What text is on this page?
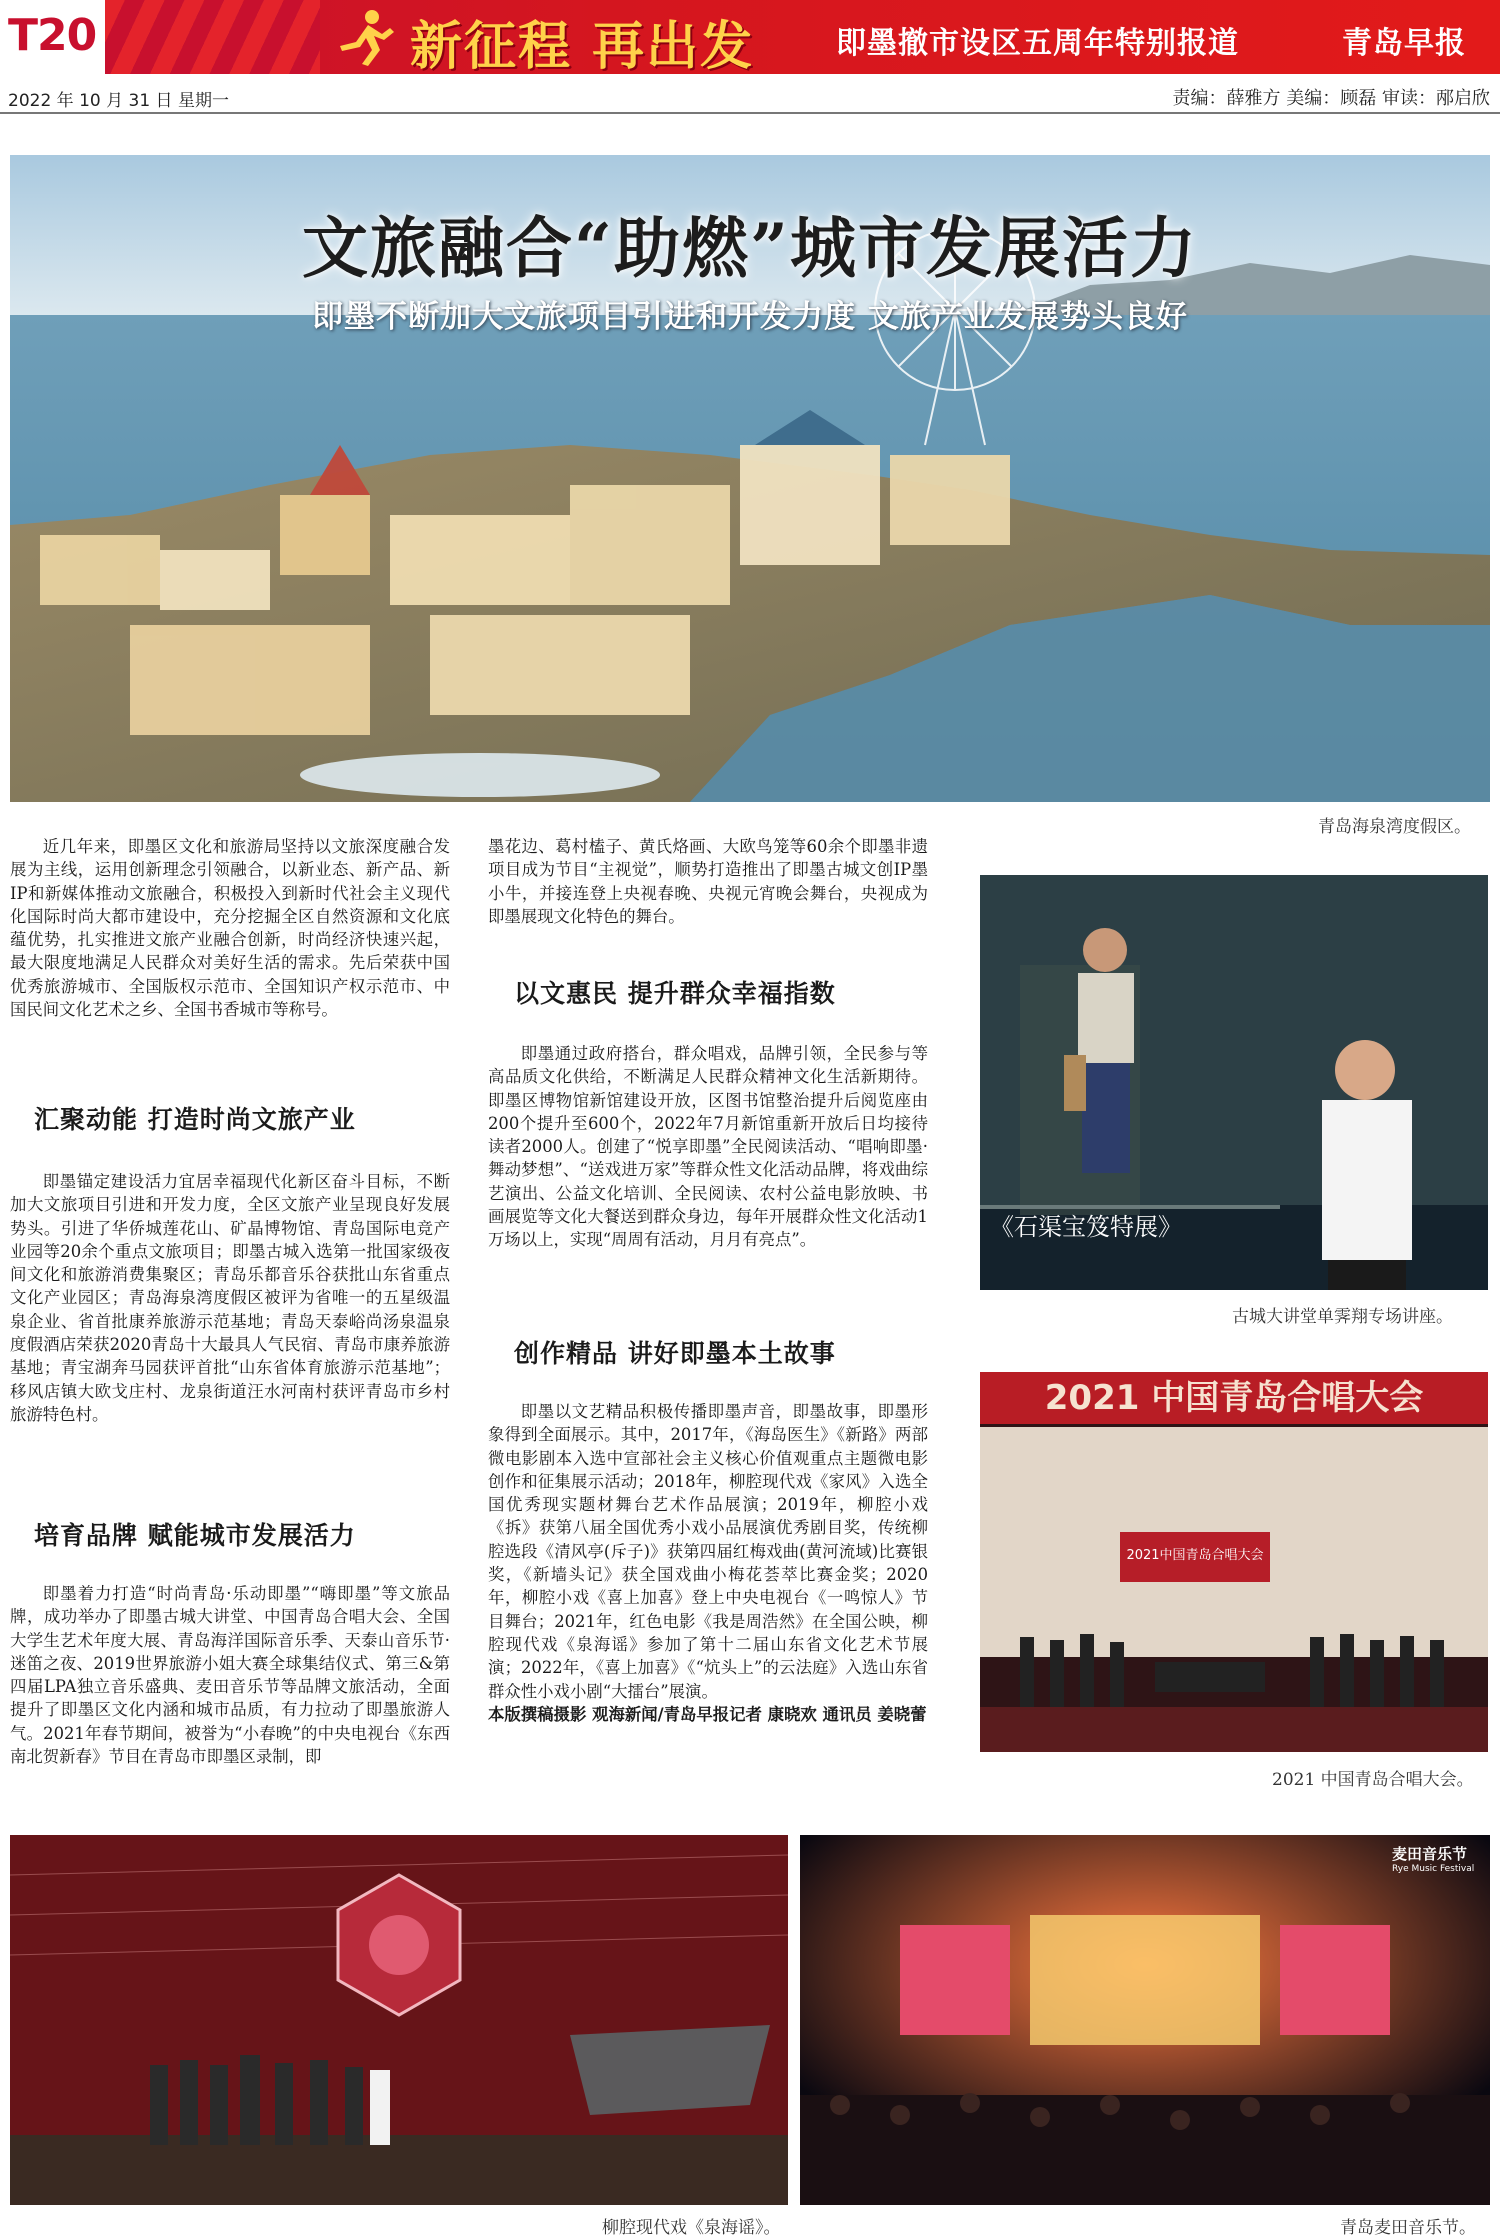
T20	新征程 再出发	即墨撤市设区五周年特别报道	青岛早报
2022 年 10 月 31 日 星期一	责编：薛雅方 美编：顾磊 审读：邴启欣
文旅融合“助燃”城市发展活力
即墨不断加大文旅项目引进和开发力度 文旅产业发展势头良好
青岛海泉湾度假区。

近几年来，即墨区文化和旅游局坚持以文旅深度融合发展为主线，运用创新理念引领融合，以新业态、新产品、新IP和新媒体推动文旅融合，积极投入到新时代社会主义现代化国际时尚大都市建设中，充分挖掘全区自然资源和文化底蕴优势，扎实推进文旅产业融合创新，时尚经济快速兴起，最大限度地满足人民群众对美好生活的需求。先后荣获中国优秀旅游城市、全国版权示范市、全国知识产权示范市、中国民间文化艺术之乡、全国书香城市等称号。

汇聚动能 打造时尚文旅产业

即墨锚定建设活力宜居幸福现代化新区奋斗目标，不断加大文旅项目引进和开发力度，全区文旅产业呈现良好发展势头。引进了华侨城莲花山、矿晶博物馆、青岛国际电竞产业园等20余个重点文旅项目；即墨古城入选第一批国家级夜间文化和旅游消费集聚区；青岛乐都音乐谷获批山东省重点文化产业园区；青岛海泉湾度假区被评为省唯一的五星级温泉企业、省首批康养旅游示范基地；青岛天泰峪尚汤泉温泉度假酒店荣获2020青岛十大最具人气民宿、青岛市康养旅游基地；青宝湖奔马园获评首批“山东省体育旅游示范基地”；移风店镇大欧戈庄村、龙泉街道汪水河南村获评青岛市乡村旅游特色村。

培育品牌 赋能城市发展活力

即墨着力打造“时尚青岛·乐动即墨”“嗨即墨”等文旅品牌，成功举办了即墨古城大讲堂、中国青岛合唱大会、全国大学生艺术年度大展、青岛海洋国际音乐季、天泰山音乐节·迷笛之夜、2019世界旅游小姐大赛全球集结仪式、第三&第四届LPA独立音乐盛典、麦田音乐节等品牌文旅活动，全面提升了即墨区文化内涵和城市品质，有力拉动了即墨旅游人气。2021年春节期间，被誉为“小春晚”的中央电视台《东西南北贺新春》节目在青岛市即墨区录制，即

墨花边、葛村榼子、黄氏烙画、大欧鸟笼等60余个即墨非遗项目成为节目“主视觉”，顺势打造推出了即墨古城文创IP墨小牛，并接连登上央视春晚、央视元宵晚会舞台，央视成为即墨展现文化特色的舞台。

以文惠民 提升群众幸福指数

即墨通过政府搭台，群众唱戏，品牌引领，全民参与等高品质文化供给，不断满足人民群众精神文化生活新期待。即墨区博物馆新馆建设开放，区图书馆整治提升后阅览座由200个提升至600个，2022年7月新馆重新开放后日均接待读者2000人。创建了“悦享即墨”全民阅读活动、“唱响即墨·舞动梦想”、“送戏进万家”等群众性文化活动品牌，将戏曲综艺演出、公益文化培训、全民阅读、农村公益电影放映、书画展览等文化大餐送到群众身边，每年开展群众性文化活动1万场以上，实现“周周有活动，月月有亮点”。

创作精品 讲好即墨本土故事

即墨以文艺精品积极传播即墨声音，即墨故事，即墨形象得到全面展示。其中，2017年，《海岛医生》《新路》两部微电影剧本入选中宣部社会主义核心价值观重点主题微电影创作和征集展示活动；2018年，柳腔现代戏《家风》入选全国优秀现实题材舞台艺术作品展演；2019年，柳腔小戏《拆》获第八届全国优秀小戏小品展演优秀剧目奖，传统柳腔选段《清风亭(斥子)》获第四届红梅戏曲(黄河流域)比赛银奖，《新墙头记》获全国戏曲小梅花荟萃比赛金奖；2020年，柳腔小戏《喜上加喜》登上中央电视台《一鸣惊人》节目舞台；2021年，红色电影《我是周浩然》在全国公映，柳腔现代戏《泉海谣》参加了第十二届山东省文化艺术节展演；2022年，《喜上加喜》《“炕头上”的云法庭》入选山东省群众性小戏小剧“大擂台”展演。

本版撰稿摄影 观海新闻/青岛早报记者 康晓欢 通讯员 姜晓蕾

《石渠宝笈特展》
古城大讲堂单霁翔专场讲座。
2021 中国青岛合唱大会
2021中国青岛合唱大会
2021 中国青岛合唱大会。
柳腔现代戏《泉海谣》。
麦田音乐节
Rye Music Festival
青岛麦田音乐节。
